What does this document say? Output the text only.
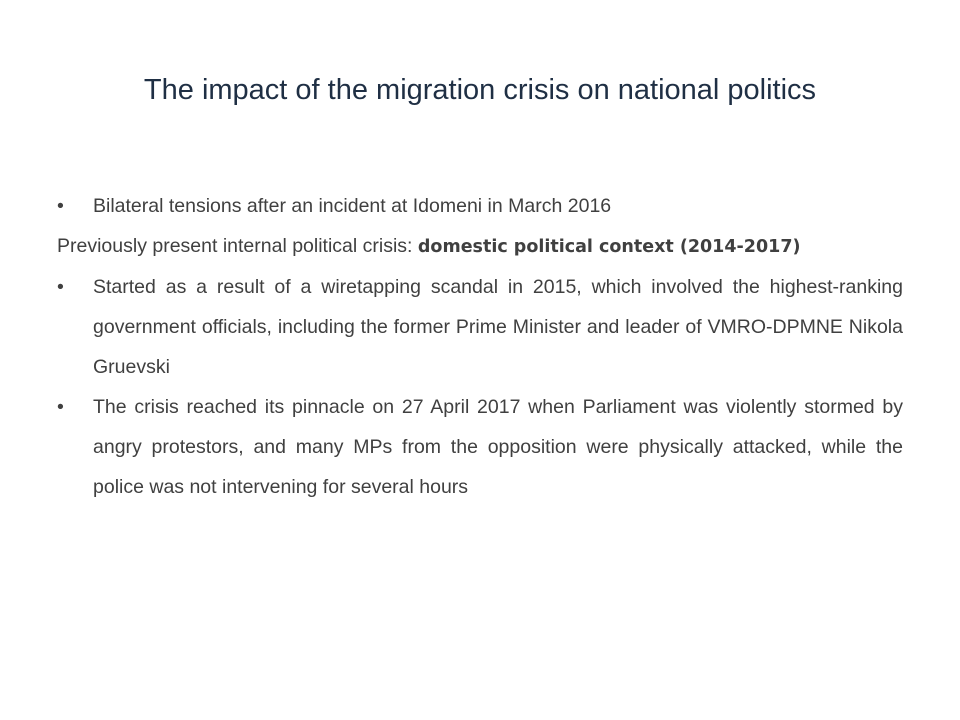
The impact of the migration crisis on national politics

•	Bilateral tensions after an incident at Idomeni in March 2016

Previously present internal political crisis: domestic political context (2014-2017)

•	Started as a result of a wiretapping scandal in 2015, which involved the highest-ranking government officials, including the former Prime Minister and leader of VMRO-DPMNE Nikola Gruevski

•	The crisis reached its pinnacle on 27 April 2017 when Parliament was violently stormed by angry protestors, and many MPs from the opposition were physically attacked, while the police was not intervening for several hours
